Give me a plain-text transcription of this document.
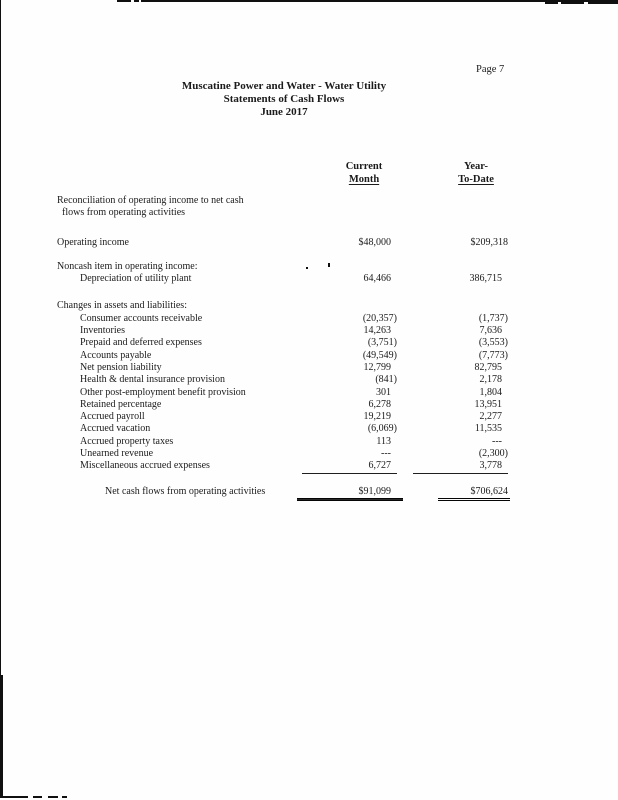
Page 7
Muscatine Power and Water - Water Utility
Statements of Cash Flows
June 2017
Current
Month
Year-
To-Date
Reconciliation of operating income to net cash
flows from operating activities
Operating income	$48,000	$209,318
Noncash item in operating income:
Depreciation of utility plant	64,466	386,715
Changes in assets and liabilities:
Consumer accounts receivable	(20,357)	(1,737)
Inventories	14,263	7,636
Prepaid and deferred expenses	(3,751)	(3,553)
Accounts payable	(49,549)	(7,773)
Net pension liability	12,799	82,795
Health & dental insurance provision	(841)	2,178
Other post-employment benefit provision	301	1,804
Retained percentage	6,278	13,951
Accrued payroll	19,219	2,277
Accrued vacation	(6,069)	11,535
Accrued property taxes	113	---
Unearned revenue	---	(2,300)
Miscellaneous accrued expenses	6,727	3,778
Net cash flows from operating activities	$91,099	$706,624
